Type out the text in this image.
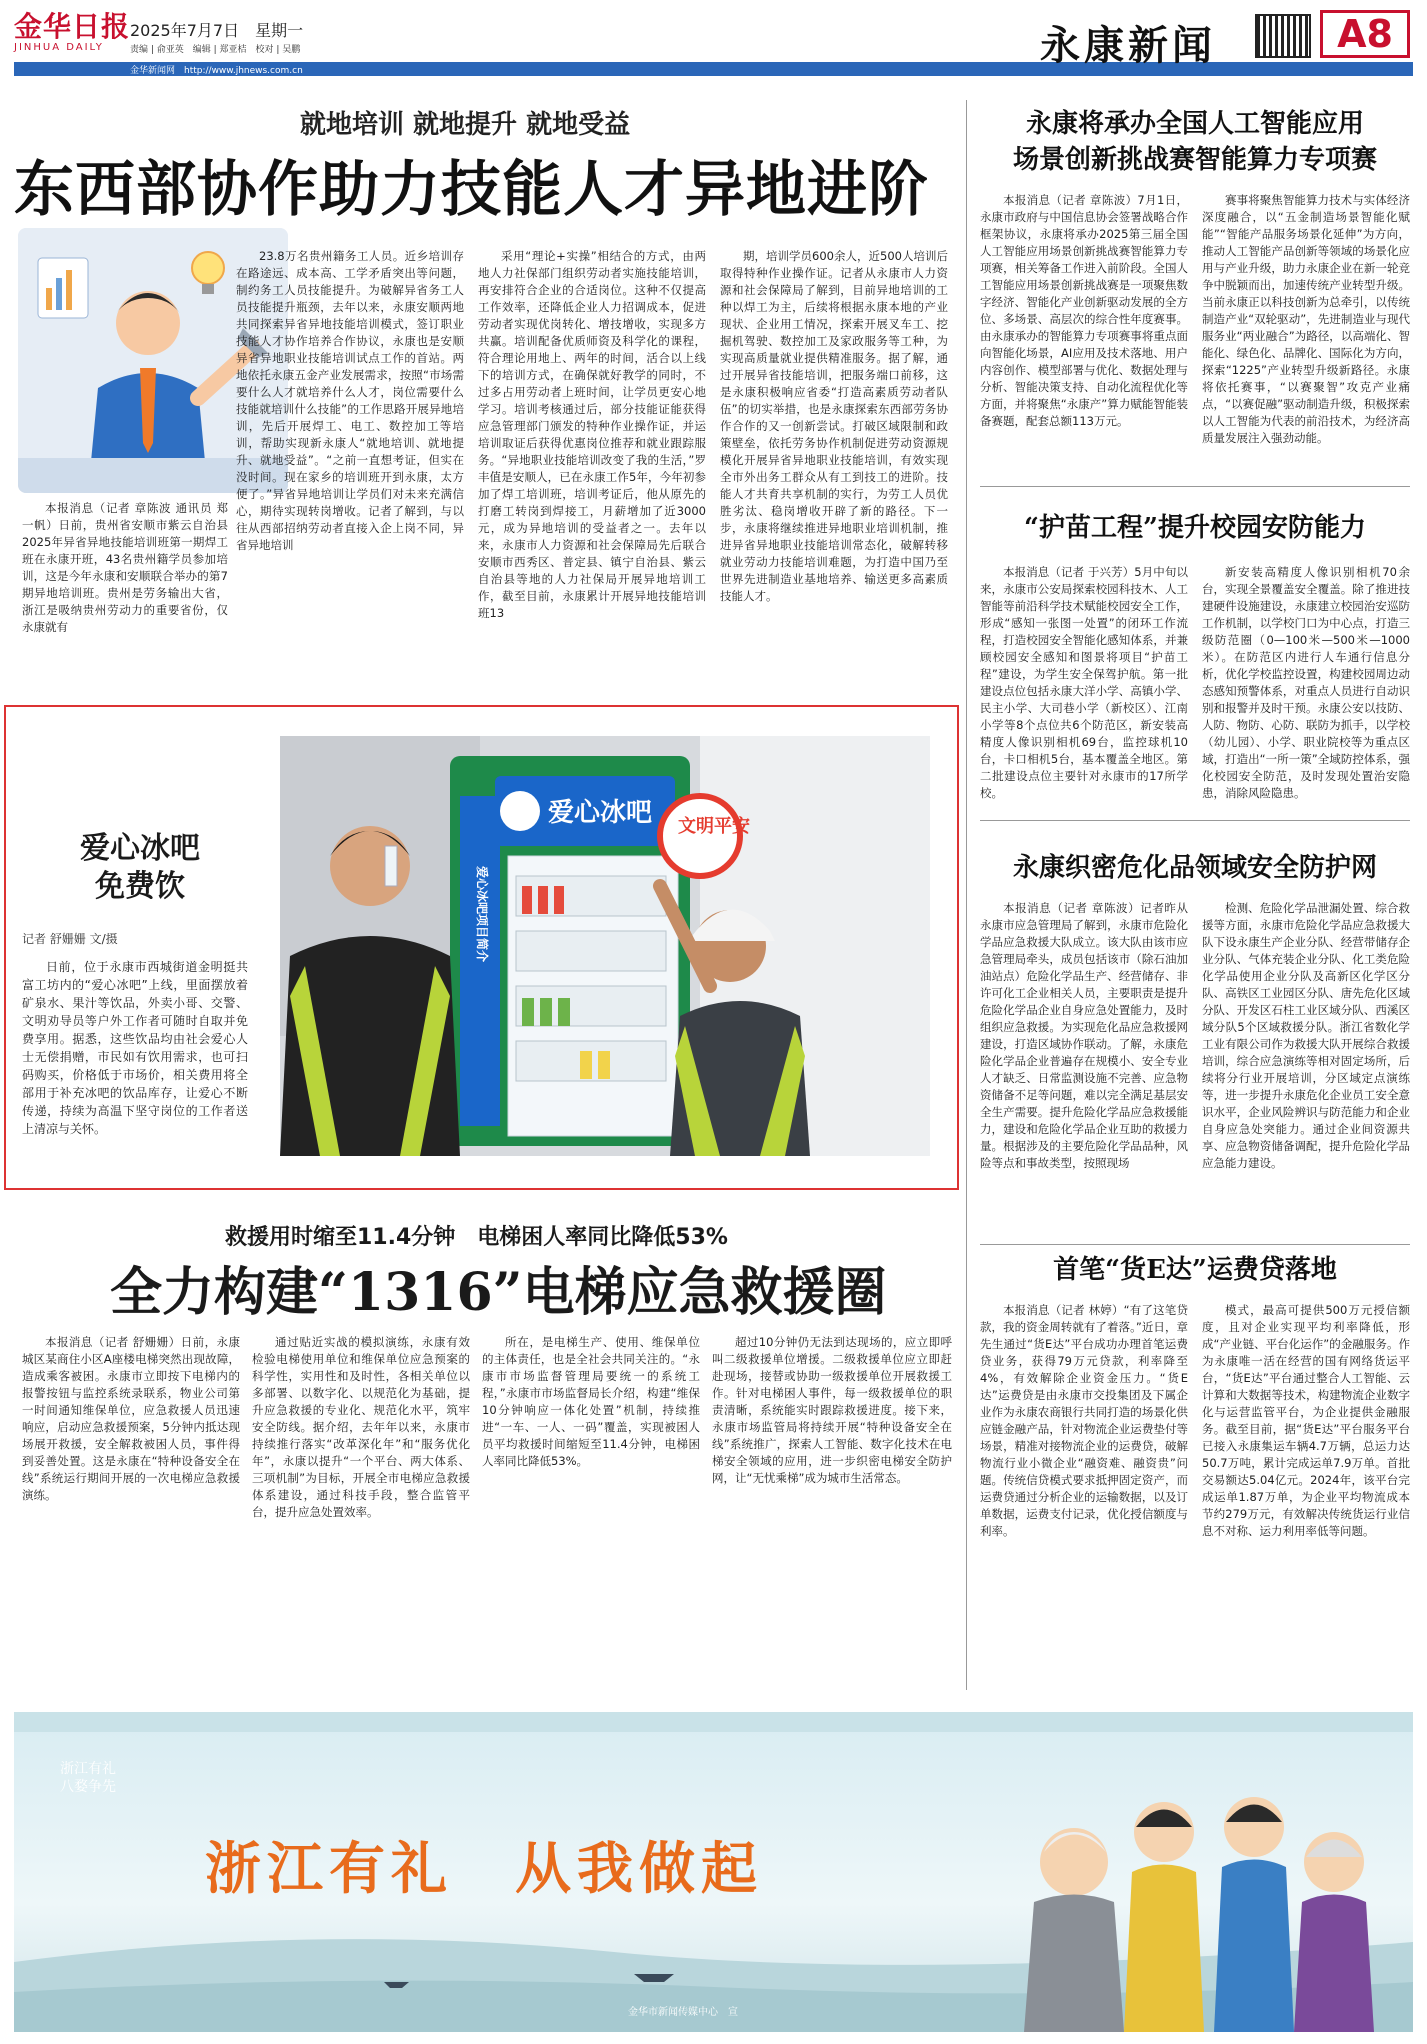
金华日报
JINHUA DAILY
2025年7月7日　星期一
责编 | 俞亚英　编辑 | 郑亚桔　校对 | 吴鹏
金华新闻网　http://www.jhnews.com.cn
永康新闻	A8
就地培训 就地提升 就地受益
东西部协作助力技能人才异地进阶

本报消息（记者 章陈波 通讯员 郑一帆）日前，贵州省安顺市紫云自治县2025年异省异地技能培训班第一期焊工班在永康开班，43名贵州籍学员参加培训，这是今年永康和安顺联合举办的第7期异地培训班。贵州是劳务输出大省，浙江是吸纳贵州劳动力的重要省份，仅永康就有

23.8万名贵州籍务工人员。近乡培训存在路途远、成本高、工学矛盾突出等问题，制约务工人员技能提升。为破解异省务工人员技能提升瓶颈，去年以来，永康安顺两地共同探索异省异地技能培训模式，签订职业技能人才协作培养合作协议，永康也是安顺异省异地职业技能培训试点工作的首站。两地依托永康五金产业发展需求，按照“市场需要什么人才就培养什么人才，岗位需要什么技能就培训什么技能”的工作思路开展异地培训，先后开展焊工、电工、数控加工等培训，帮助实现新永康人“就地培训、就地提升、就地受益”。“之前一直想考证，但实在没时间。现在家乡的培训班开到永康，太方便了。”异省异地培训让学员们对未来充满信心，期待实现转岗增收。记者了解到，与以往从西部招纳劳动者直接入企上岗不同，异省异地培训

采用“理论+实操”相结合的方式，由两地人力社保部门组织劳动者实施技能培训，再安排符合企业的合适岗位。这种不仅提高工作效率，还降低企业人力招调成本，促进劳动者实现优岗转化、增技增收，实现多方共赢。培训配备优质师资及科学化的课程，符合理论用地上、两年的时间，活合以上线下的培训方式，在确保就好教学的同时，不过多占用劳动者上班时间，让学员更安心地学习。培训考核通过后，部分技能证能获得应急管理部门颁发的特种作业操作证，并运培训取证后获得优惠岗位推荐和就业跟踪服务。“异地职业技能培训改变了我的生活，”罗丰值是安顺人，已在永康工作5年，今年初参加了焊工培训班，培训考证后，他从原先的打磨工转岗到焊接工，月薪增加了近3000元，成为异地培训的受益者之一。去年以来，永康市人力资源和社会保障局先后联合安顺市西秀区、普定县、镇宁自治县、紫云自治县等地的人力社保局开展异地培训工作，截至目前，永康累计开展异地技能培训班13

期，培训学员600余人，近500人培训后取得特种作业操作证。记者从永康市人力资源和社会保障局了解到，目前异地培训的工种以焊工为主，后续将根据永康本地的产业现状、企业用工情况，探索开展叉车工、挖掘机驾驶、数控加工及家政服务等工种，为实现高质量就业提供精准服务。据了解，通过开展异省技能培训，把服务端口前移，这是永康积极响应省委“打造高素质劳动者队伍”的切实举措，也是永康探索东西部劳务协作合作的又一创新尝试。打破区域限制和政策壁垒，依托劳务协作机制促进劳动资源规模化开展异省异地职业技能培训，有效实现全市外出务工群众从有工到技工的进阶。技能人才共育共享机制的实行，为劳工人员优胜劣汰、稳岗增收开辟了新的路径。下一步，永康将继续推进异地职业培训机制，推进异省异地职业技能培训常态化，破解转移就业劳动力技能培训难题，为打造中国乃至世界先进制造业基地培养、输送更多高素质技能人才。

爱心冰吧
免费饮
记者 舒姗姗 文/摄

日前，位于永康市西城街道金明挺共富工坊内的“爱心冰吧”上线，里面摆放着矿泉水、果汁等饮品，外卖小哥、交警、文明劝导员等户外工作者可随时自取并免费享用。据悉，这些饮品均由社会爱心人士无偿捐赠，市民如有饮用需求，也可扫码购买，价格低于市场价，相关费用将全部用于补充冰吧的饮品库存，让爱心不断传递，持续为高温下坚守岗位的工作者送上清凉与关怀。

爱心冰吧
爱心冰吧项目简介
文明平安
永康将承办全国人工智能应用
场景创新挑战赛智能算力专项赛

本报消息（记者 章陈波）7月1日，永康市政府与中国信息协会签署战略合作框架协议，永康将承办2025第三届全国人工智能应用场景创新挑战赛智能算力专项赛，相关筹备工作进入前阶段。全国人工智能应用场景创新挑战赛是一项聚焦数字经济、智能化产业创新驱动发展的全方位、多场景、高层次的综合性年度赛事。由永康承办的智能算力专项赛事将重点面向智能化场景，AI应用及技术落地、用户内容创作、模型部署与优化、数据处理与分析、智能决策支持、自动化流程优化等方面，并将聚焦“永康产”算力赋能智能装备赛题，配套总额113万元。

赛事将聚焦智能算力技术与实体经济深度融合，以“五金制造场景智能化赋能”“智能产品服务场景化延伸”为方向，推动人工智能产品创新等领域的场景化应用与产业升级，助力永康企业在新一轮竞争中脱颖而出，加速传统产业转型升级。当前永康正以科技创新为总牵引，以传统制造产业“双轮驱动”，先进制造业与现代服务业“两业融合”为路径，以高端化、智能化、绿色化、品牌化、国际化为方向，探索“1225”产业转型升级新路径。永康将依托赛事，“以赛聚智”攻克产业痛点，“以赛促融”驱动制造升级，积极探索以人工智能为代表的前沿技术，为经济高质量发展注入强劲动能。

“护苗工程”提升校园安防能力

本报消息（记者 于兴芳）5月中旬以来，永康市公安局探索校园科技木、人工智能等前沿科学技术赋能校园安全工作，形成“感知一张图一处置”的闭环工作流程，打造校园安全智能化感知体系，并兼顾校园安全感知和图景将项目“护苗工程”建设，为学生安全保驾护航。第一批建设点位包括永康大洋小学、高镇小学、民主小学、大司巷小学（新校区）、江南小学等8个点位共6个防范区，新安装高精度人像识别相机69台，监控球机10台，卡口相机5台，基本覆盖全地区。第二批建设点位主要针对永康市的17所学校。

新安装高精度人像识别相机70余台，实现全景覆盖安全覆盖。除了推进技建硬件设施建设，永康建立校园治安巡防工作机制，以学校门口为中心点，打造三级防范圈（0—100米—500米—1000米）。在防范区内进行人车通行信息分析，优化学校监控设置，构建校园周边动态感知预警体系，对重点人员进行自动识别和报警并及时干预。永康公安以技防、人防、物防、心防、联防为抓手，以学校（幼儿园）、小学、职业院校等为重点区域，打造出“一所一策”全域防控体系，强化校园安全防范，及时发现处置治安隐患，消除风险隐患。

永康织密危化品领域安全防护网

本报消息（记者 章陈波）记者昨从永康市应急管理局了解到，永康市危险化学品应急救援大队成立。该大队由该市应急管理局牵头，成员包括该市（除石油加油站点）危险化学品生产、经营储存、非许可化工企业相关人员，主要职责是提升危险化学品企业自身应急处置能力，及时组织应急救援。为实现危化品应急救援网建设，打造区域协作联动。了解，永康危险化学品企业普遍存在规模小、安全专业人才缺乏、日常监测设施不完善、应急物资储备不足等问题，难以完全满足基层安全生产需要。提升危险化学品应急救援能力，建设和危险化学品企业互助的救援力量。根据涉及的主要危险化学品品种，风险等点和事故类型，按照现场

检测、危险化学品泄漏处置、综合救援等方面，永康市危险化学品应急救援大队下设永康生产企业分队、经营带储存企业分队、气体充装企业分队、化工类危险化学品使用企业分队及高新区化学区分队、高铁区工业园区分队、唐先危化区域分队、开发区石柱工业区域分队、西溪区域分队5个区域救援分队。浙江省数化学工业有限公司作为救援大队开展综合救援培训，综合应急演练等相对固定场所，后续将分行业开展培训，分区域定点演练等，进一步提升永康危化企业员工安全意识水平，企业风险辨识与防范能力和企业自身应急处突能力。通过企业间资源共享、应急物资储备调配，提升危险化学品应急能力建设。

首笔“货E达”运费贷落地

本报消息（记者 林婷）“有了这笔贷款，我的资金周转就有了着落。”近日，章先生通过“货E达”平台成功办理首笔运费贷业务，获得79万元贷款，利率降至4%，有效解除企业资金压力。“货E达”运费贷是由永康市交投集团及下属企业作为永康农商银行共同打造的场景化供应链金融产品，针对物流企业运费垫付等场景，精准对接物流企业的运费贷，破解物流行业小微企业“融资难、融资贵”问题。传统信贷模式要求抵押固定资产，而运费贷通过分析企业的运输数据，以及订单数据，运费支付记录，优化授信额度与利率。

模式，最高可提供500万元授信额度，且对企业实现平均利率降低，形成“产业链、平台化运作”的金融服务。作为永康唯一活在经营的国有网络货运平台，“货E达”平台通过整合人工智能、云计算和大数据等技术，构建物流企业数字化与运营监管平台，为企业提供金融服务。截至目前，据“货E达”平台服务平台已接入永康集运车辆4.7万辆，总运力达50.7万吨，累计完成运单7.9万单。首批交易额达5.04亿元。2024年，该平台完成运单1.87万单，为企业平均物流成本节约279万元，有效解决传统货运行业信息不对称、运力利用率低等问题。

救援用时缩至11.4分钟　电梯困人率同比降低53%
全力构建“1316”电梯应急救援圈

本报消息（记者 舒姗姗）日前，永康城区某商住小区A座楼电梯突然出现故障，造成乘客被困。永康市立即按下电梯内的报警按钮与监控系统录联系，物业公司第一时间通知维保单位，应急救援人员迅速响应，启动应急救援预案，5分钟内抵达现场展开救援，安全解救被困人员，事件得到妥善处置。这是永康在“特种设备安全在线”系统运行期间开展的一次电梯应急救援演练。

通过贴近实战的模拟演练，永康有效检验电梯使用单位和维保单位应急预案的科学性，实用性和及时性，各相关单位以多部署、以数字化、以规范化为基础，提升应急救援的专业化、规范化水平，筑牢安全防线。据介绍，去年年以来，永康市持续推行落实“改革深化年”和“服务优化年”，永康以提升“一个平台、两大体系、三项机制”为目标，开展全市电梯应急救援体系建设，通过科技手段，整合监管平台，提升应急处置效率。

所在，是电梯生产、使用、维保单位的主体责任，也是全社会共同关注的。“永康市市场监督管理局要统一的系统工程，”永康市市场监督局长介绍，构建“维保10分钟响应一体化处置”机制，持续推进“一车、一人、一码”覆盖，实现被困人员平均救援时间缩短至11.4分钟，电梯困人率同比降低53%。

超过10分钟仍无法到达现场的，应立即呼叫二级救援单位增援。二级救援单位应立即赶赴现场，接替或协助一级救援单位开展救援工作。针对电梯困人事件，每一级救援单位的职责清晰，系统能实时跟踪救援进度。接下来，永康市场监管局将持续开展“特种设备安全在线”系统推广，探索人工智能、数字化技术在电梯安全领域的应用，进一步织密电梯安全防护网，让“无忧乘梯”成为城市生活常态。

浙江有礼 八婺争先
浙江有礼　从我做起
金华市新闻传媒中心　宣
